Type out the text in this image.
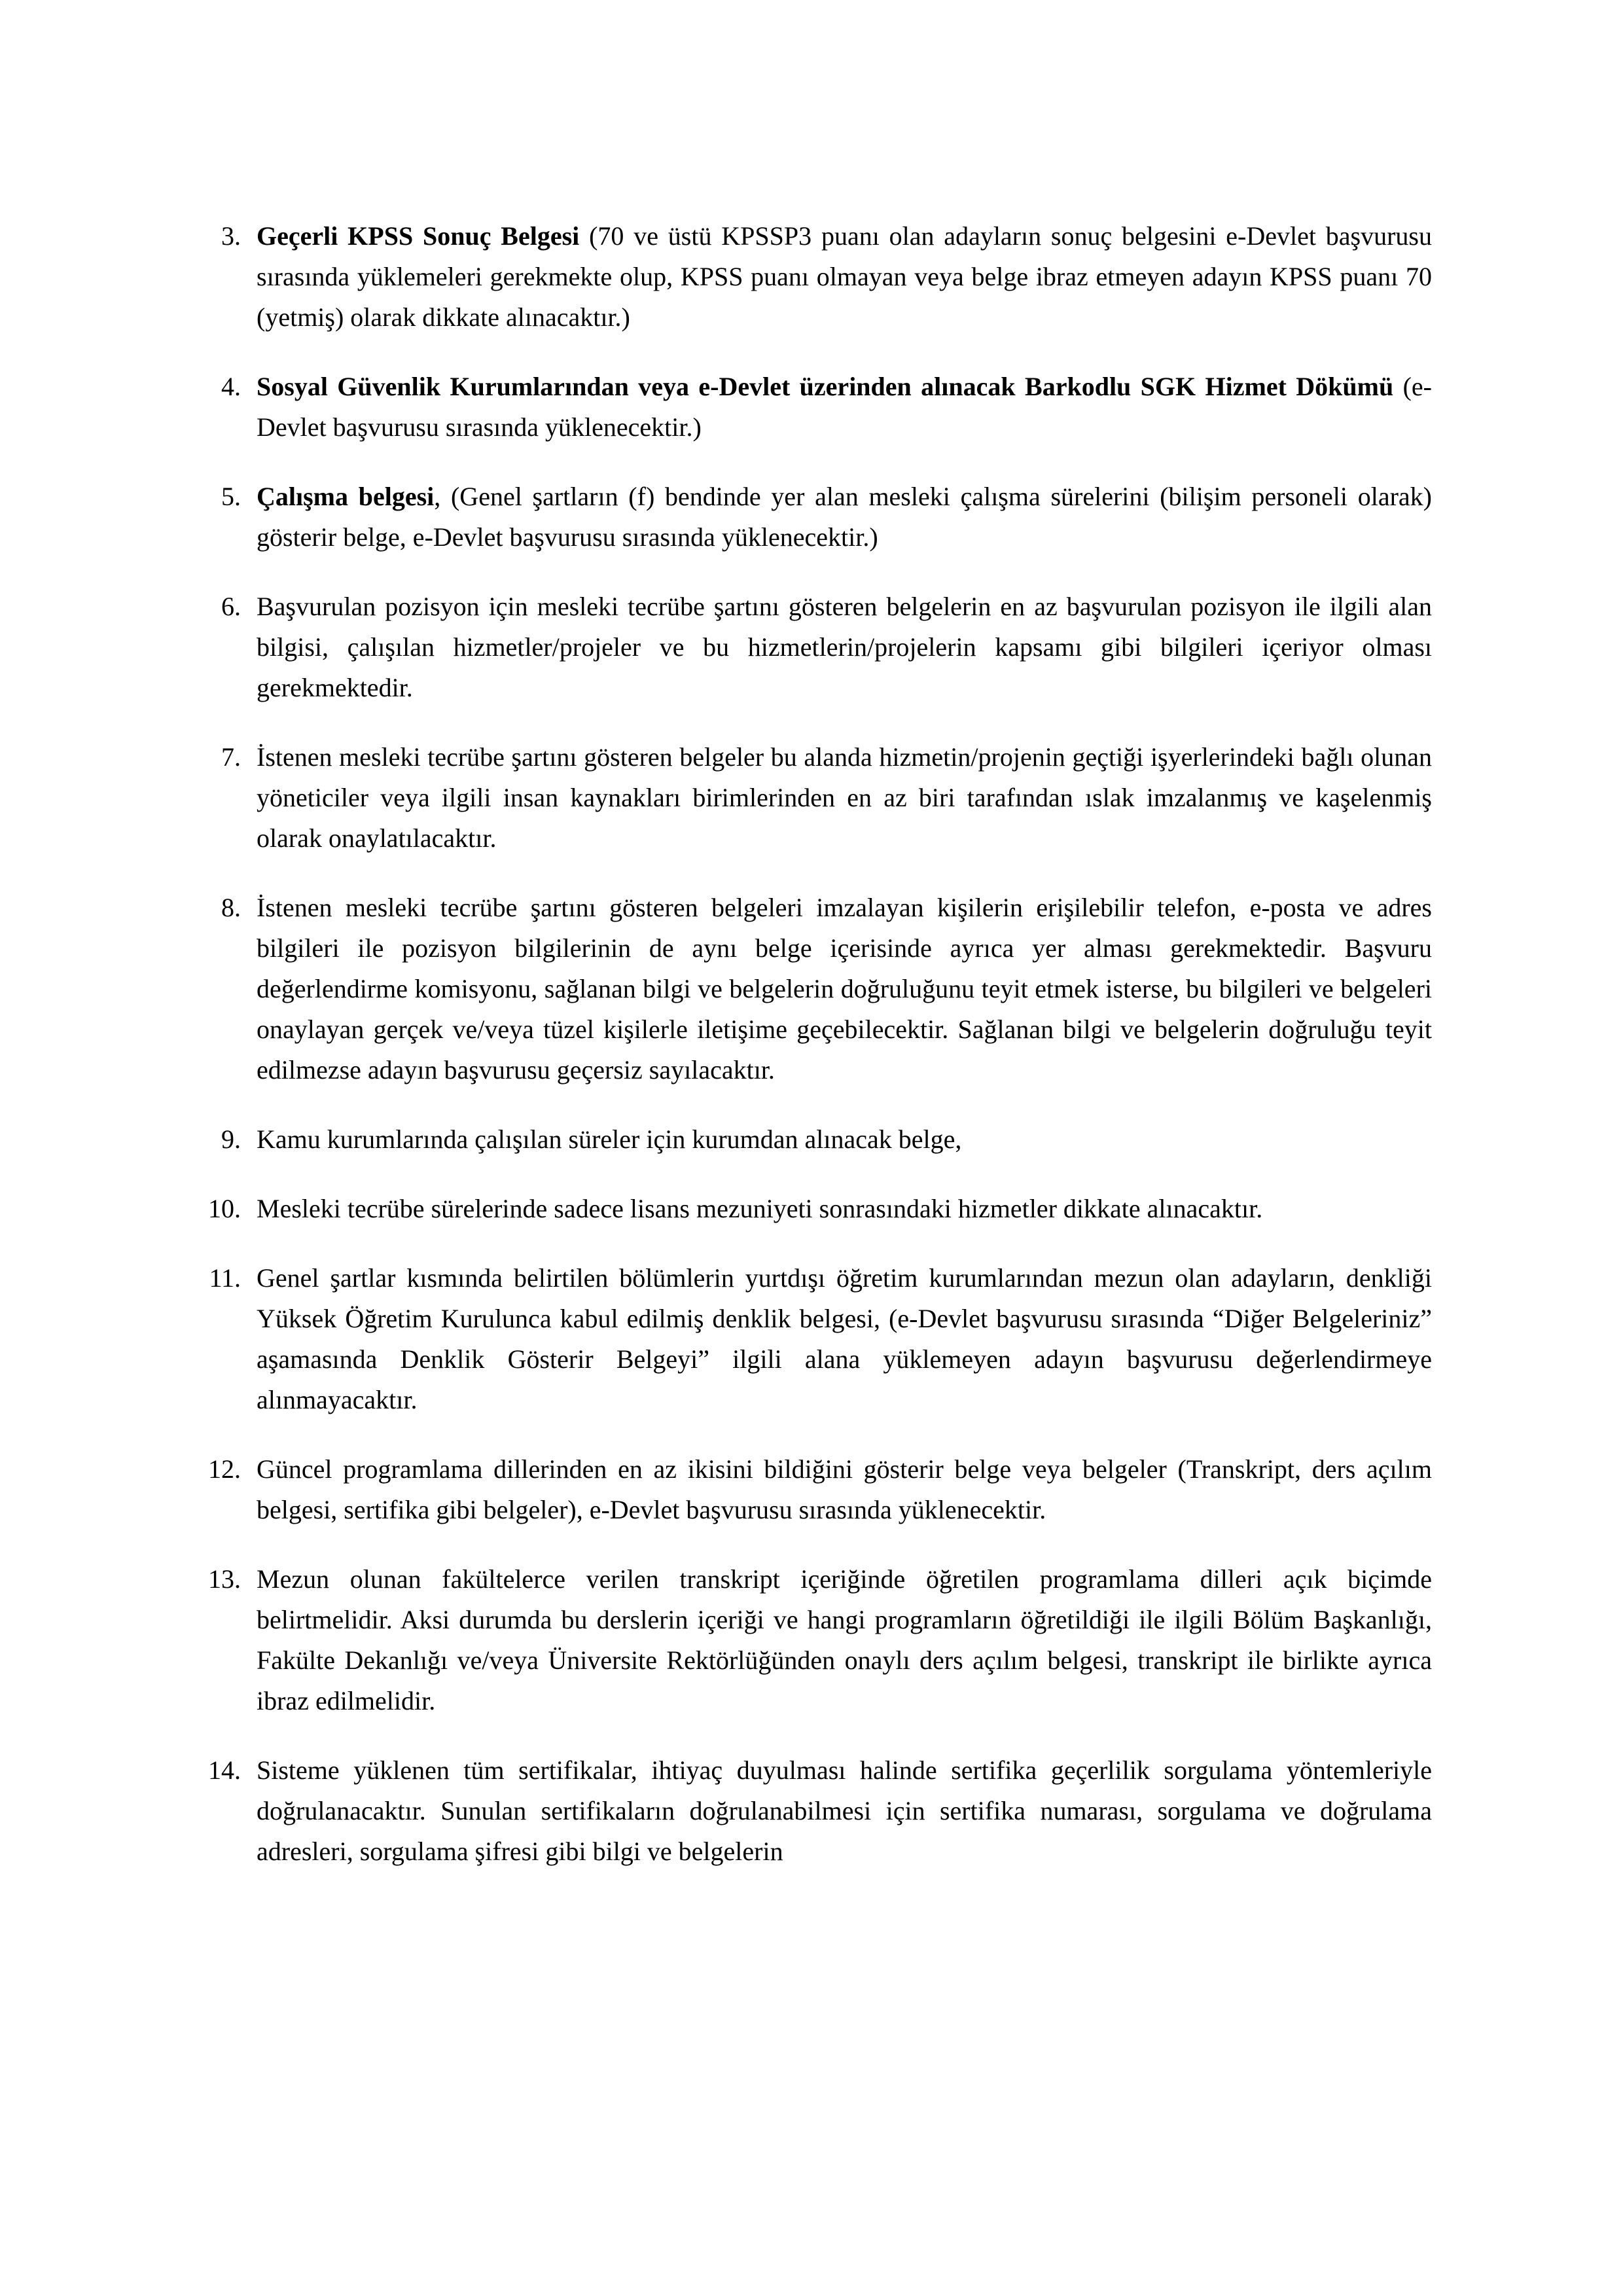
3. Geçerli KPSS Sonuç Belgesi (70 ve üstü KPSSP3 puanı olan adayların sonuç belgesini e-Devlet başvurusu sırasında yüklemeleri gerekmekte olup, KPSS puanı olmayan veya belge ibraz etmeyen adayın KPSS puanı 70 (yetmiş) olarak dikkate alınacaktır.)
4. Sosyal Güvenlik Kurumlarından veya e-Devlet üzerinden alınacak Barkodlu SGK Hizmet Dökümü (e-Devlet başvurusu sırasında yüklenecektir.)
5. Çalışma belgesi, (Genel şartların (f) bendinde yer alan mesleki çalışma sürelerini (bilişim personeli olarak) gösterir belge, e-Devlet başvurusu sırasında yüklenecektir.)
6. Başvurulan pozisyon için mesleki tecrübe şartını gösteren belgelerin en az başvurulan pozisyon ile ilgili alan bilgisi, çalışılan hizmetler/projeler ve bu hizmetlerin/projelerin kapsamı gibi bilgileri içeriyor olması gerekmektedir.
7. İstenen mesleki tecrübe şartını gösteren belgeler bu alanda hizmetin/projenin geçtiği işyerlerindeki bağlı olunan yöneticiler veya ilgili insan kaynakları birimlerinden en az biri tarafından ıslak imzalanmış ve kaşelenmiş olarak onaylatılacaktır.
8. İstenen mesleki tecrübe şartını gösteren belgeleri imzalayan kişilerin erişilebilir telefon, e-posta ve adres bilgileri ile pozisyon bilgilerinin de aynı belge içerisinde ayrıca yer alması gerekmektedir. Başvuru değerlendirme komisyonu, sağlanan bilgi ve belgelerin doğruluğunu teyit etmek isterse, bu bilgileri ve belgeleri onaylayan gerçek ve/veya tüzel kişilerle iletişime geçebilecektir. Sağlanan bilgi ve belgelerin doğruluğu teyit edilmezse adayın başvurusu geçersiz sayılacaktır.
9. Kamu kurumlarında çalışılan süreler için kurumdan alınacak belge,
10. Mesleki tecrübe sürelerinde sadece lisans mezuniyeti sonrasındaki hizmetler dikkate alınacaktır.
11. Genel şartlar kısmında belirtilen bölümlerin yurtdışı öğretim kurumlarından mezun olan adayların, denkliği Yüksek Öğretim Kurulunca kabul edilmiş denklik belgesi, (e-Devlet başvurusu sırasında “Diğer Belgeleriniz” aşamasında Denklik Gösterir Belgeyi” ilgili alana yüklemeyen adayın başvurusu değerlendirmeye alınmayacaktır.
12. Güncel programlama dillerinden en az ikisini bildiğini gösterir belge veya belgeler (Transkript, ders açılım belgesi, sertifika gibi belgeler), e-Devlet başvurusu sırasında yüklenecektir.
13. Mezun olunan fakültelerce verilen transkript içeriğinde öğretilen programlama dilleri açık biçimde belirtmelidir. Aksi durumda bu derslerin içeriği ve hangi programların öğretildiği ile ilgili Bölüm Başkanlığı, Fakülte Dekanlığı ve/veya Üniversite Rektörlüğünden onaylı ders açılım belgesi, transkript ile birlikte ayrıca ibraz edilmelidir.
14. Sisteme yüklenen tüm sertifikalar, ihtiyaç duyulması halinde sertifika geçerlilik sorgulama yöntemleriyle doğrulanacaktır. Sunulan sertifikaların doğrulanabilmesi için sertifika numarası, sorgulama ve doğrulama adresleri, sorgulama şifresi gibi bilgi ve belgelerin
